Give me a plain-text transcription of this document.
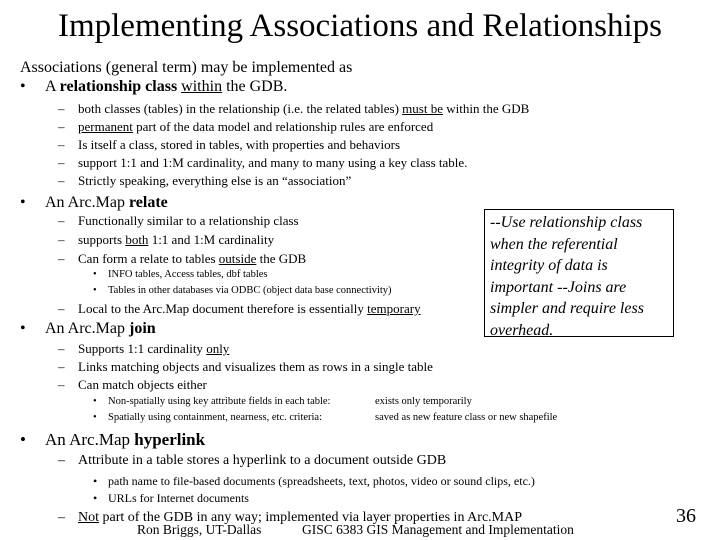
Implementing Associations and Relationships
Associations (general term) may be implemented as
• A relationship class within the GDB.
– both classes (tables) in the relationship (i.e. the related tables) must be within the GDB
– permanent part of the data model and relationship rules are enforced
– Is itself a class, stored in tables, with properties and behaviors
– support 1:1 and 1:M cardinality, and many to many using a key class table.
– Strictly speaking, everything else is an “association”
• An Arc.Map relate
– Functionally similar to a relationship class
– supports both 1:1 and 1:M cardinality
– Can form a relate to tables outside the GDB
• INFO tables, Access tables, dbf tables
• Tables in other databases via ODBC (object data base connectivity)
– Local to the Arc.Map document therefore is essentially temporary
--Use relationship class when the referential integrity of data is important --Joins are simpler and require less overhead.
• An Arc.Map join
– Supports 1:1 cardinality only
– Links matching objects and visualizes them as rows in a single table
– Can match objects either
• Non-spatially using key attribute fields in each table:	exists only temporarily
• Spatially using containment, nearness, etc. criteria:	saved as new feature class or new shapefile
• An Arc.Map hyperlink
– Attribute in a table stores a hyperlink to a document outside GDB
• path name to file-based documents (spreadsheets, text, photos, video or sound clips, etc.)
• URLs for Internet documents
– Not part of the GDB in any way; implemented via layer properties in Arc.MAP
Ron Briggs, UT-Dallas	GISC 6383 GIS Management and Implementation
36
